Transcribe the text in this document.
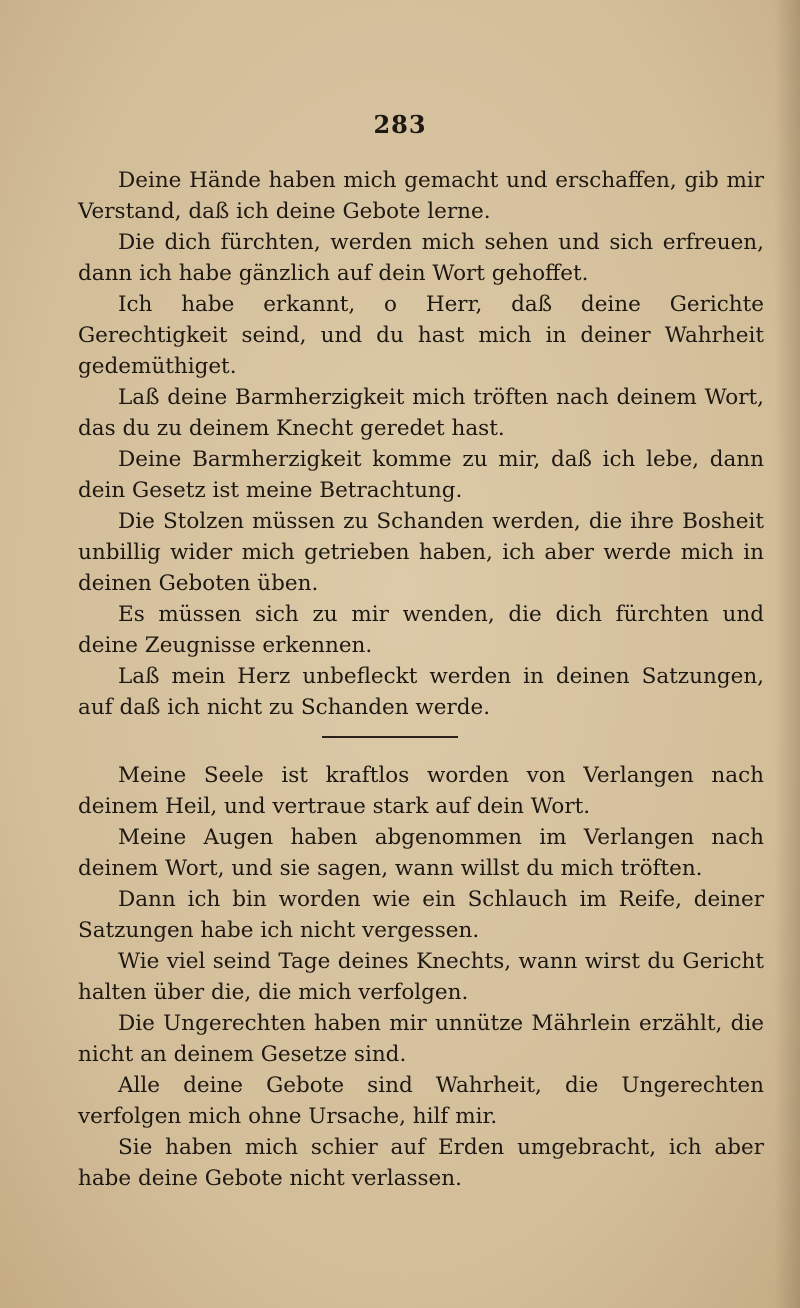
283

Deine Hände haben mich gemacht und erschaffen, gib mir Verstand, daß ich deine Gebote lerne.

Die dich fürchten, werden mich sehen und sich erfreuen, dann ich habe gänzlich auf dein Wort gehoffet.

Ich habe erkannt, o Herr, daß deine Gerichte Gerechtigkeit seind, und du hast mich in deiner Wahrheit gedemüthiget.

Laß deine Barmherzigkeit mich tröften nach deinem Wort, das du zu deinem Knecht geredet hast.

Deine Barmherzigkeit komme zu mir, daß ich lebe, dann dein Gesetz ist meine Betrachtung.

Die Stolzen müssen zu Schanden werden, die ihre Bosheit unbillig wider mich getrieben haben, ich aber werde mich in deinen Geboten üben.

Es müssen sich zu mir wenden, die dich fürchten und deine Zeugnisse erkennen.

Laß mein Herz unbefleckt werden in deinen Satzungen, auf daß ich nicht zu Schanden werde.

Meine Seele ist kraftlos worden von Verlangen nach deinem Heil, und vertraue stark auf dein Wort.

Meine Augen haben abgenommen im Verlangen nach deinem Wort, und sie sagen, wann willst du mich tröften.

Dann ich bin worden wie ein Schlauch im Reife, deiner Satzungen habe ich nicht vergessen.

Wie viel seind Tage deines Knechts, wann wirst du Gericht halten über die, die mich verfolgen.

Die Ungerechten haben mir unnütze Mährlein erzählt, die nicht an deinem Gesetze sind.

Alle deine Gebote sind Wahrheit, die Ungerechten verfolgen mich ohne Ursache, hilf mir.

Sie haben mich schier auf Erden umgebracht, ich aber habe deine Gebote nicht verlassen.
